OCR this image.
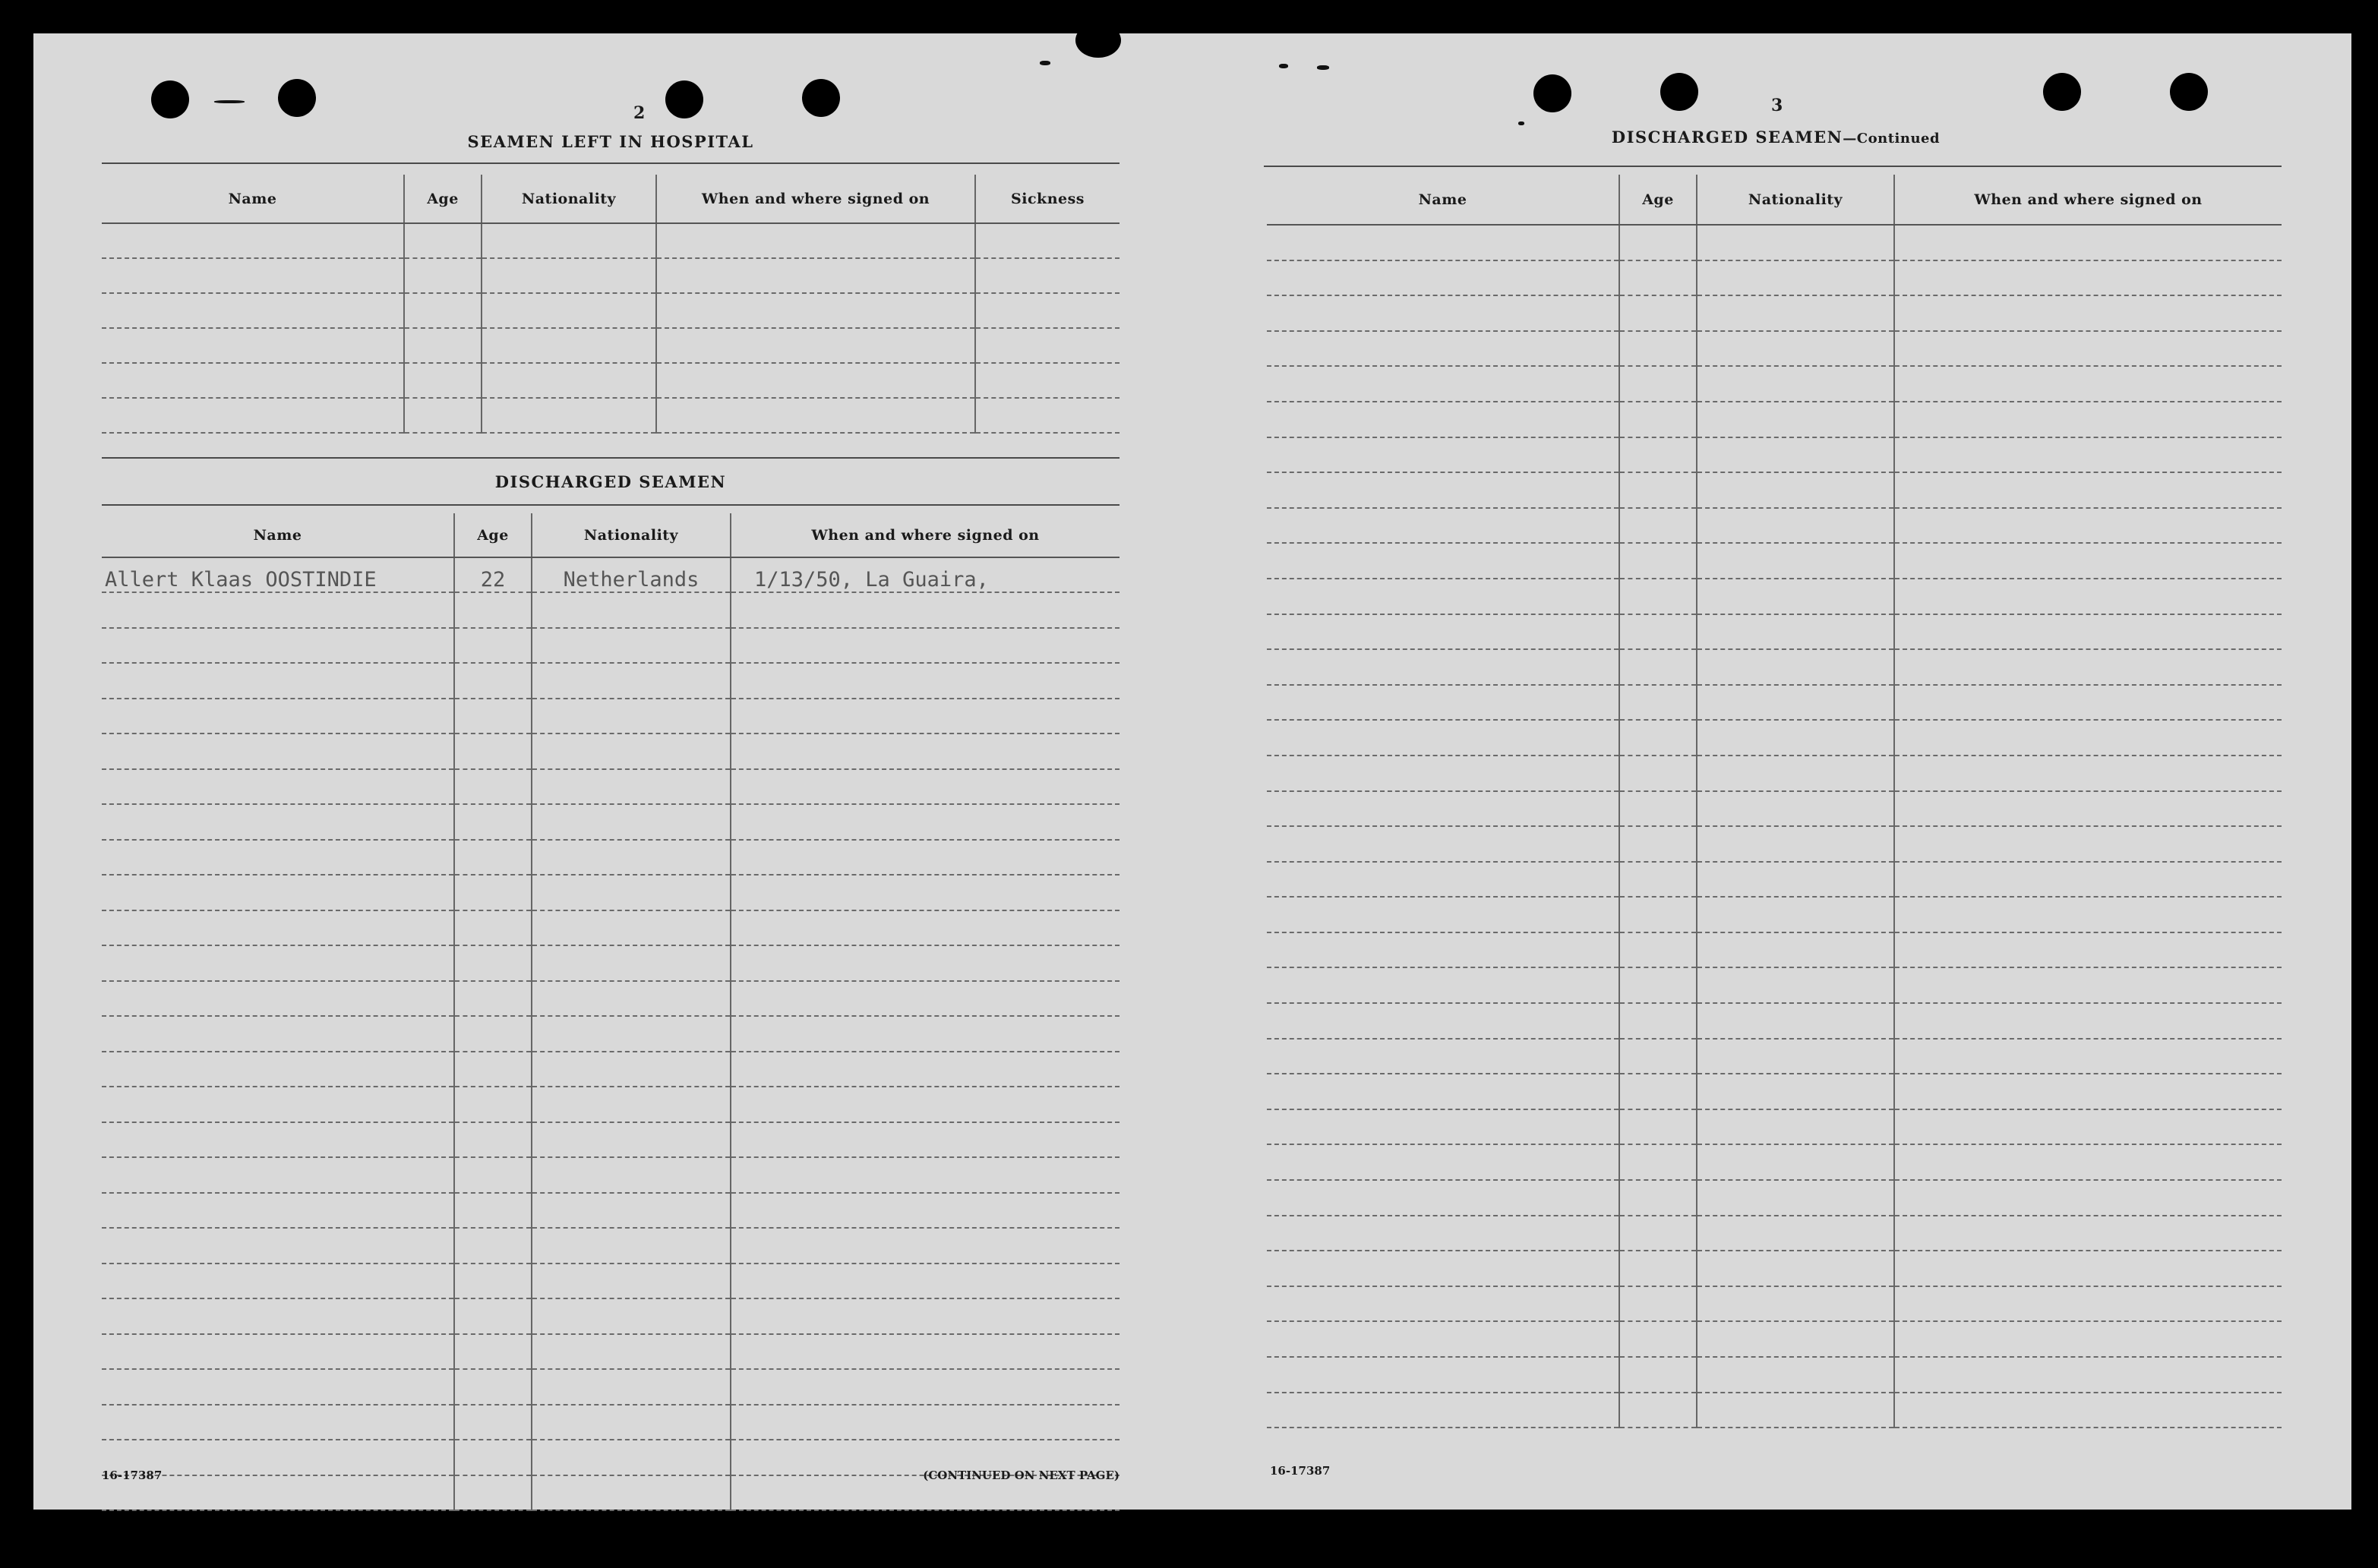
2
SEAMEN LEFT IN HOSPITAL
Name	Age	Nationality	When and where signed on	Sickness

DISCHARGED SEAMEN
Name	Age	Nationality	When and where signed on
Allert Klaas OOSTINDIE	22	Netherlands	1/13/50, La Guaira,

16-17387	(CONTINUED ON NEXT PAGE)
3
DISCHARGED SEAMEN—Continued
Name	Age	Nationality	When and where signed on

16-17387
